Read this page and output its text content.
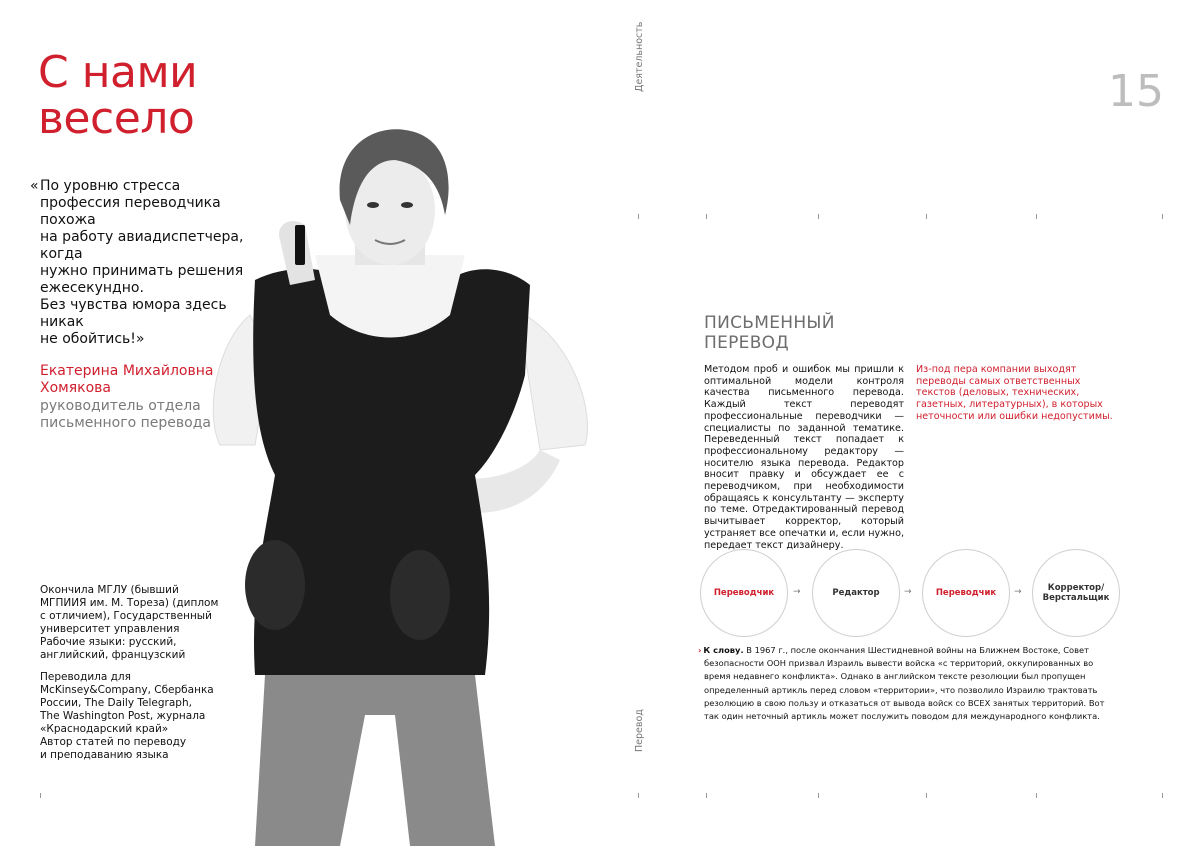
С нами
весело
« По уровню стресса
профессия переводчика похожа
на работу авиадиспетчера, когда
нужно принимать решения
ежесекундно.
Без чувства юмора здесь никак
не обойтись!»
Екатерина Михайловна
Хомякова
руководитель отдела
письменного перевода
Окончила МГЛУ (бывший
МГПИИЯ им. М. Тореза) (диплом
с отличием), Государственный
университет управления
Рабочие языки: русский,
английский, французский
Переводила для
McKinsey&Company, Сбербанка
России, The Daily Telegraph,
The Washington Post, журнала
«Краснодарский край»
Автор статей по переводу
и преподаванию языка
Деятельность
Перевод
15
ПИСЬМЕННЫЙ
ПЕРЕВОД
Методом проб и ошибок мы пришли к оптимальной модели контроля качества письменного перевода. Каждый текст переводят профессиональные переводчики — специалисты по заданной тематике. Переведенный текст попадает к профессиональному редактору — носителю языка перевода. Редактор вносит правку и обсуждает ее с переводчиком, при необходимости обращаясь к консультанту — эксперту по теме. Отредактированный перевод вычитывает корректор, который устраняет все опечатки и, если нужно, передает текст дизайнеру.
Из-под пера компании выходят переводы самых ответственных текстов (деловых, технических, газетных, литературных), в которых неточности или ошибки недопустимы.
Переводчик	→	Редактор	→	Переводчик	→	Корректор/ Верстальщик
› К слову. В 1967 г., после окончания Шестидневной войны на Ближнем Востоке, Совет безопасности ООН призвал Израиль вывести войска «с территорий, оккупированных во время недавнего конфликта». Однако в английском тексте резолюции был пропущен определенный артикль перед словом «территории», что позволило Израилю трактовать резолюцию в свою пользу и отказаться от вывода войск со ВСЕХ занятых территорий. Вот так один неточный артикль может послужить поводом для международного конфликта.
